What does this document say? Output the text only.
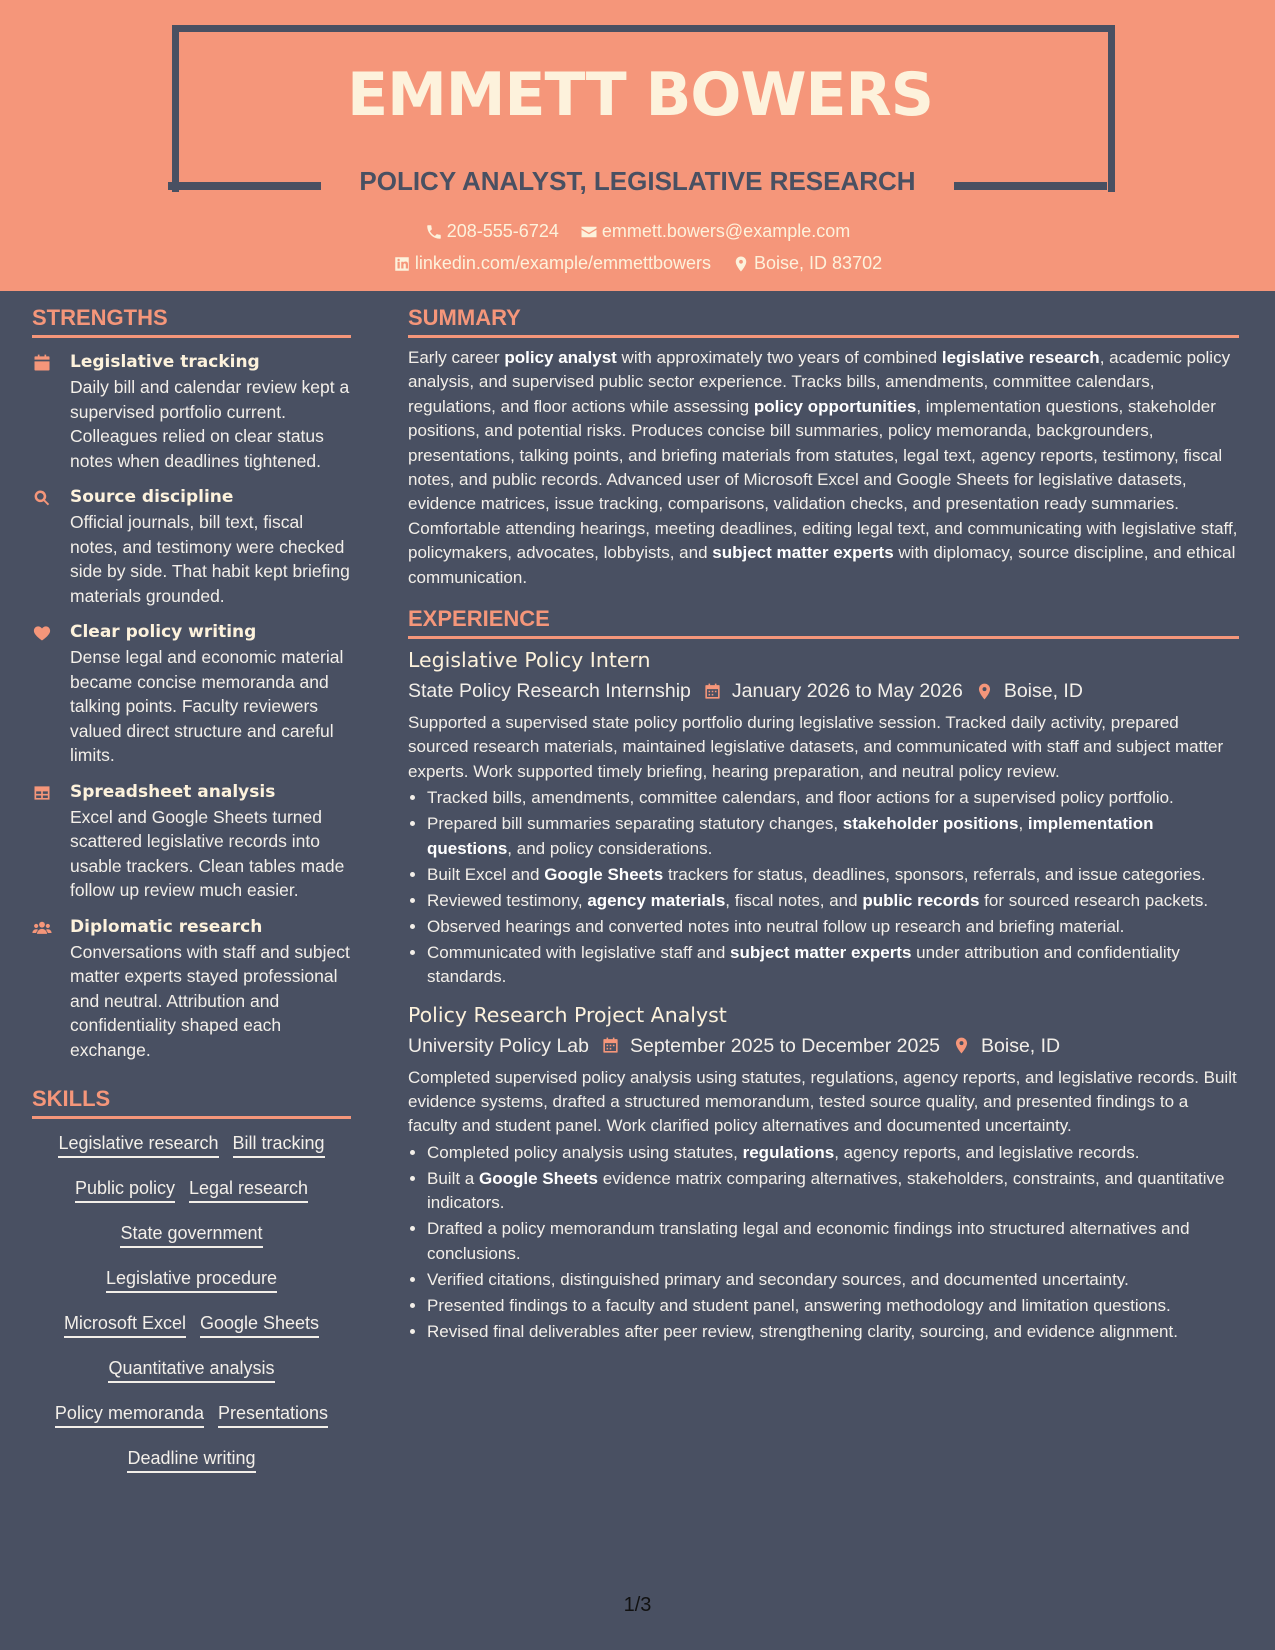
EMMETT BOWERS
POLICY ANALYST, LEGISLATIVE RESEARCH
208-555-6724
emmett.bowers@example.com
linkedin.com/example/emmettbowers
Boise, ID 83702
STRENGTHS
Legislative tracking
Daily bill and calendar review kept a supervised portfolio current. Colleagues relied on clear status notes when deadlines tightened.
Source discipline
Official journals, bill text, fiscal notes, and testimony were checked side by side. That habit kept briefing materials grounded.
Clear policy writing
Dense legal and economic material became concise memoranda and talking points. Faculty reviewers valued direct structure and careful limits.
Spreadsheet analysis
Excel and Google Sheets turned scattered legislative records into usable trackers. Clean tables made follow up review much easier.
Diplomatic research
Conversations with staff and subject matter experts stayed professional and neutral. Attribution and confidentiality shaped each exchange.
SKILLS
Legislative research Bill tracking
Public policy Legal research
State government
Legislative procedure
Microsoft Excel Google Sheets
Quantitative analysis
Policy memoranda Presentations
Deadline writing
SUMMARY
Early career policy analyst with approximately two years of combined legislative research, academic policy analysis, and supervised public sector experience. Tracks bills, amendments, committee calendars, regulations, and floor actions while assessing policy opportunities, implementation questions, stakeholder positions, and potential risks. Produces concise bill summaries, policy memoranda, backgrounders, presentations, talking points, and briefing materials from statutes, legal text, agency reports, testimony, fiscal notes, and public records. Advanced user of Microsoft Excel and Google Sheets for legislative datasets, evidence matrices, issue tracking, comparisons, validation checks, and presentation ready summaries. Comfortable attending hearings, meeting deadlines, editing legal text, and communicating with legislative staff, policymakers, advocates, lobbyists, and subject matter experts with diplomacy, source discipline, and ethical communication.
EXPERIENCE
Legislative Policy Intern
State Policy Research Internship January 2026 to May 2026 Boise, ID
Supported a supervised state policy portfolio during legislative session. Tracked daily activity, prepared sourced research materials, maintained legislative datasets, and communicated with staff and subject matter experts. Work supported timely briefing, hearing preparation, and neutral policy review.
• Tracked bills, amendments, committee calendars, and floor actions for a supervised policy portfolio.
• Prepared bill summaries separating statutory changes, stakeholder positions, implementation questions, and policy considerations.
• Built Excel and Google Sheets trackers for status, deadlines, sponsors, referrals, and issue categories.
• Reviewed testimony, agency materials, fiscal notes, and public records for sourced research packets.
• Observed hearings and converted notes into neutral follow up research and briefing material.
• Communicated with legislative staff and subject matter experts under attribution and confidentiality standards.
Policy Research Project Analyst
University Policy Lab September 2025 to December 2025 Boise, ID
Completed supervised policy analysis using statutes, regulations, agency reports, and legislative records. Built evidence systems, drafted a structured memorandum, tested source quality, and presented findings to a faculty and student panel. Work clarified policy alternatives and documented uncertainty.
• Completed policy analysis using statutes, regulations, agency reports, and legislative records.
• Built a Google Sheets evidence matrix comparing alternatives, stakeholders, constraints, and quantitative indicators.
• Drafted a policy memorandum translating legal and economic findings into structured alternatives and conclusions.
• Verified citations, distinguished primary and secondary sources, and documented uncertainty.
• Presented findings to a faculty and student panel, answering methodology and limitation questions.
• Revised final deliverables after peer review, strengthening clarity, sourcing, and evidence alignment.
1/3
